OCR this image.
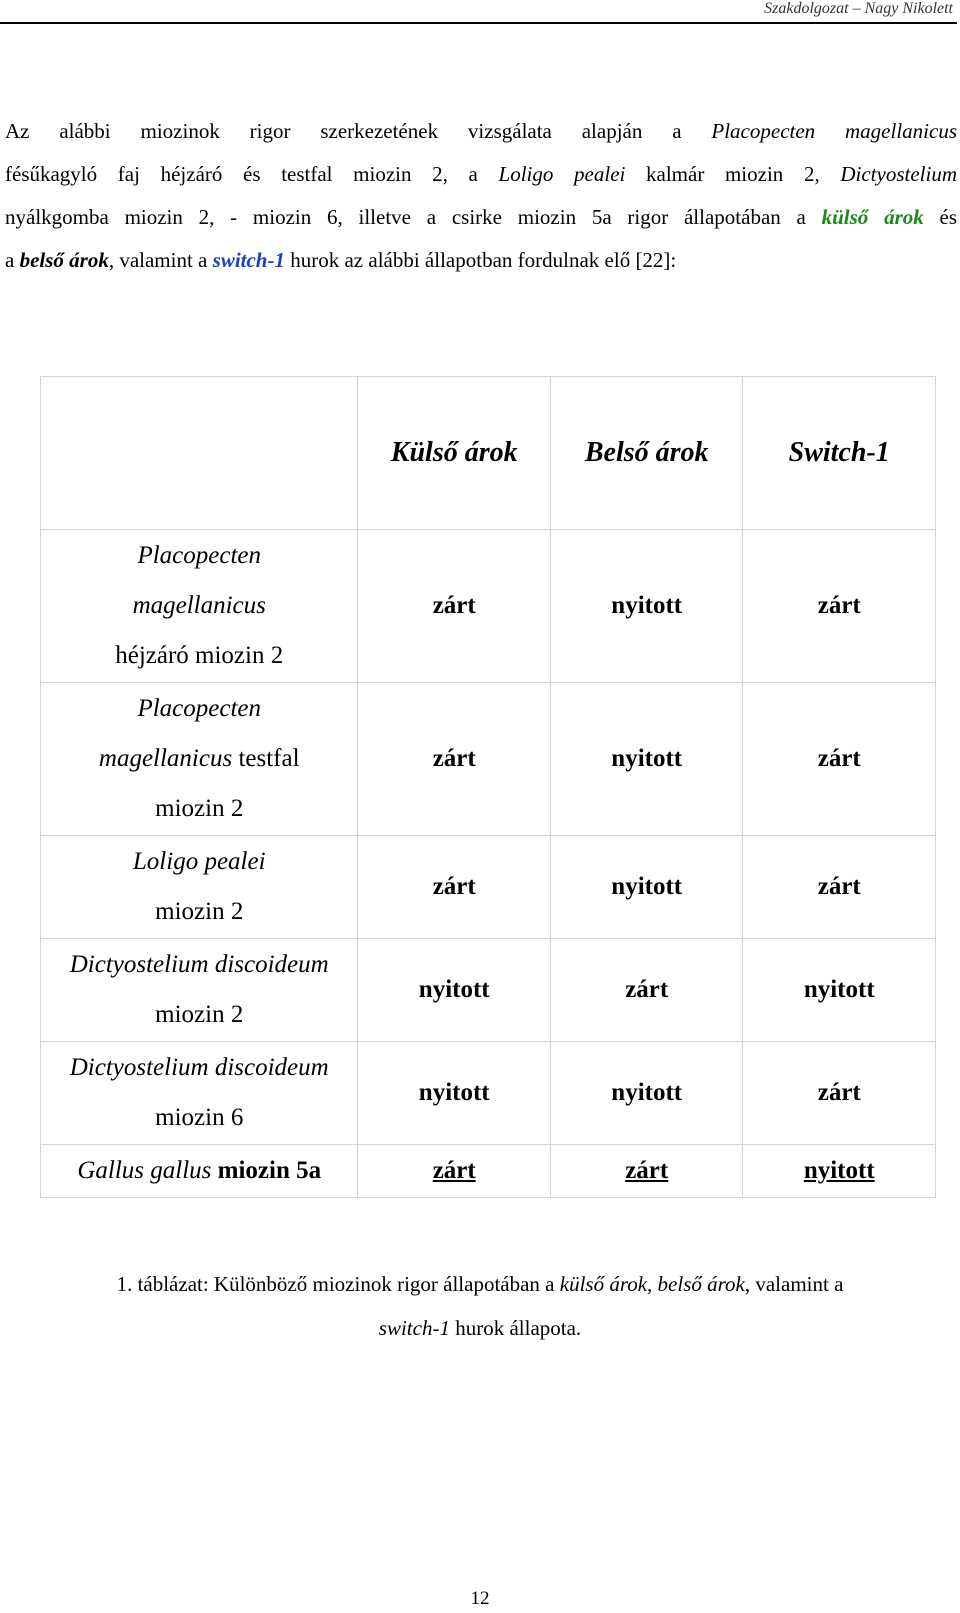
Szakdolgozat – Nagy Nikolett
Az alábbi miozinok rigor szerkezetének vizsgálata alapján a Placopecten magellanicus
fésűkagyló faj héjzáró és testfal miozin 2, a Loligo pealei kalmár miozin 2, Dictyostelium
nyálkgomba miozin 2, - miozin 6, illetve a csirke miozin 5a rigor állapotában a külső árok és
a belső árok, valamint a switch-1 hurok az alábbi állapotban fordulnak elő [22]:
	Külső árok	Belső árok	Switch-1
Placopecten
magellanicus
héjzáró miozin 2	zárt	nyitott	zárt
Placopecten
magellanicus testfal
miozin 2	zárt	nyitott	zárt
Loligo pealei
miozin 2	zárt	nyitott	zárt
Dictyostelium discoideum
miozin 2	nyitott	zárt	nyitott
Dictyostelium discoideum
miozin 6	nyitott	nyitott	zárt
Gallus gallus miozin 5a	zárt	zárt	nyitott

1. táblázat: Különböző miozinok rigor állapotában a külső árok, belső árok, valamint a
switch-1 hurok állapota.

12
